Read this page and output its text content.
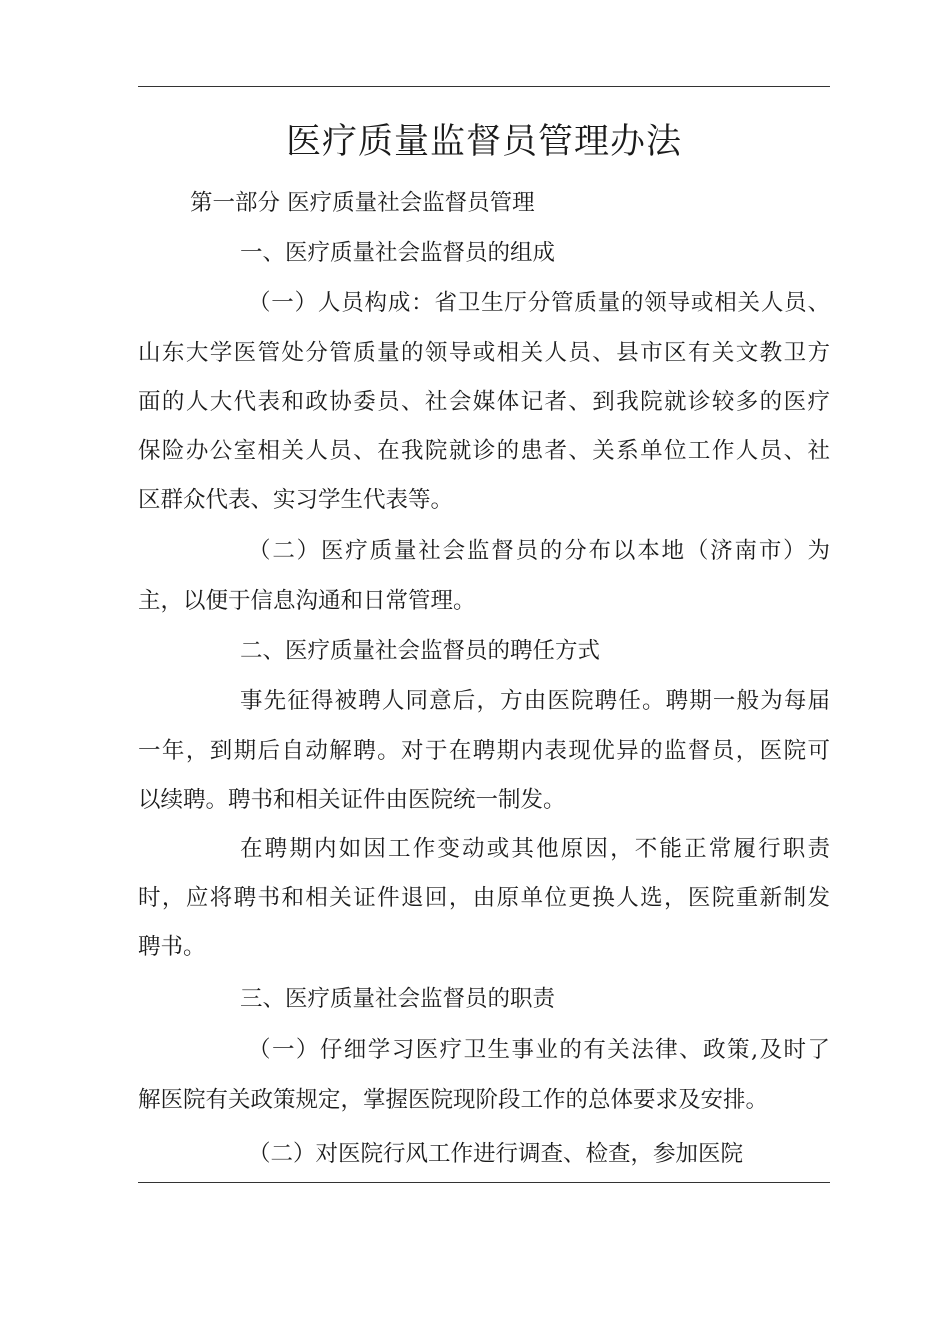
医疗质量监督员管理办法

第一部分 医疗质量社会监督员管理

一、医疗质量社会监督员的组成

（一）人员构成：省卫生厅分管质量的领导或相关人员、

山东大学医管处分管质量的领导或相关人员、县市区有关文教卫方

面的人大代表和政协委员、社会媒体记者、到我院就诊较多的医疗

保险办公室相关人员、在我院就诊的患者、关系单位工作人员、社

区群众代表、实习学生代表等。

（二）医疗质量社会监督员的分布以本地（济南市）为

主，以便于信息沟通和日常管理。

二、医疗质量社会监督员的聘任方式

事先征得被聘人同意后，方由医院聘任。聘期一般为每届

一年，到期后自动解聘。对于在聘期内表现优异的监督员，医院可

以续聘。聘书和相关证件由医院统一制发。

在聘期内如因工作变动或其他原因，不能正常履行职责

时，应将聘书和相关证件退回，由原单位更换人选，医院重新制发

聘书。

三、医疗质量社会监督员的职责

（一）仔细学习医疗卫生事业的有关法律、政策,及时了

解医院有关政策规定，掌握医院现阶段工作的总体要求及安排。

（二）对医院行风工作进行调查、检查，参加医院
